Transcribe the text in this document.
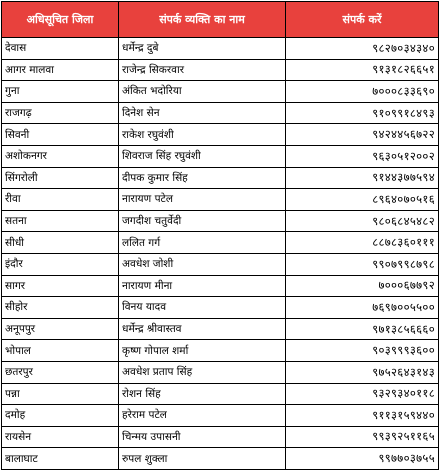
अधिसूचित जिला	संपर्क व्यक्ति का नाम	संपर्क करें
देवास	धर्मेन्द्र दुबे	९८२७०३४३४०
आगर मालवा	राजेन्द्र सिकरवार	९१३१८२६६५१
गुना	अंकित भदोरिया	७०००८३३६९०
राजगढ़	दिनेश सेन	९१०९९१८४९३
सिवनी	राकेश रघुवंशी	९४२४४५६७२२
अशोकनगर	शिवराज सिंह रघुवंशी	९६३०५१२००२
सिंगरोली	दीपक कुमार सिंह	९१४४३७७५९४
रीवा	नारायण पटेल	८९६४०७०५१६
सतना	जगदीश चतुर्वेदी	९८०६८४५४८२
सीधी	ललित गर्ग	८८७८३६०१११
इंदौर	अवधेश जोशी	९९०७९९८७९८
सागर	नारायण मीना	७०००६७७९२
सीहोर	विनय यादव	७६९७००५५००
अनूपपुर	धर्मेन्द्र श्रीवास्तव	९७१३८५६६६०
भोपाल	कृष्ण गोपाल शर्मा	९०३९९९३६००
छतरपुर	अवधेश प्रताप सिंह	९७५२६४३१४३
पन्ना	रोशन सिंह	९३२९३४०११८
दमोह	हरेराम पटेल	९११३१५९४४०
रायसेन	चिन्मय उपासनी	९९३९२५११६५
बालाघाट	रुपल शुक्ला	९९७७०३७५५
